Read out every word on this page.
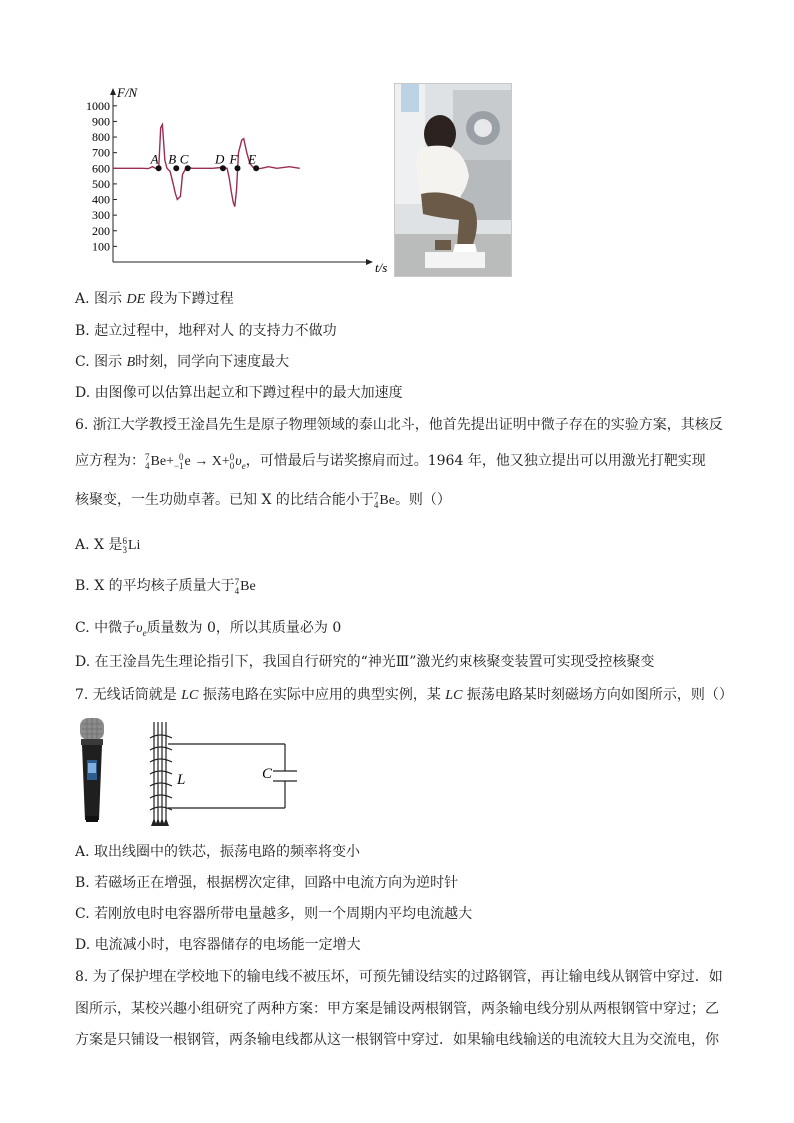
1000
900
800
700
600
500
400
300
200
100
A B C D F E
F/N
t/s
A. 图示 DE 段为下蹲过程
B. 起立过程中，地秤对人 的支持力不做功
C. 图示 B时刻，同学向下速度最大
D. 由图像可以估算出起立和下蹲过程中的最大加速度
6. 浙江大学教授王淦昌先生是原子物理领域的泰山北斗，他首先提出证明中微子存在的实验方案，其核反
应方程为： 7
4 Be+ 0
−1 e → X+ 0
0 $\upsilon_e$，可惜最后与诺奖擦肩而过。1964 年，他又独立提出可以用激光打靶实现
核聚变，一生功勋卓著。已知 X 的比结合能小于 7
4 Be。则（）
A. X 是 6
3 Li
B. X 的平均核子质量大于 7
4 Be
C. 中微子$\upsilon_e$质量数为 0，所以其质量必为 0
D. 在王淦昌先生理论指引下，我国自行研究的“神光Ⅲ”激光约束核聚变装置可实现受控核聚变
7. 无线话筒就是 LC 振荡电路在实际中应用的典型实例，某 LC 振荡电路某时刻磁场方向如图所示，则（）
L	C
A. 取出线圈中的铁芯，振荡电路的频率将变小
B. 若磁场正在增强，根据楞次定律，回路中电流方向为逆时针
C. 若刚放电时电容器所带电量越多，则一个周期内平均电流越大
D. 电流减小时，电容器储存的电场能一定增大
8. 为了保护埋在学校地下的输电线不被压坏，可预先铺设结实的过路钢管，再让输电线从钢管中穿过．如
图所示，某校兴趣小组研究了两种方案：甲方案是铺设两根钢管，两条输电线分别从两根钢管中穿过；乙
方案是只铺设一根钢管，两条输电线都从这一根钢管中穿过．如果输电线输送的电流较大且为交流电，你
